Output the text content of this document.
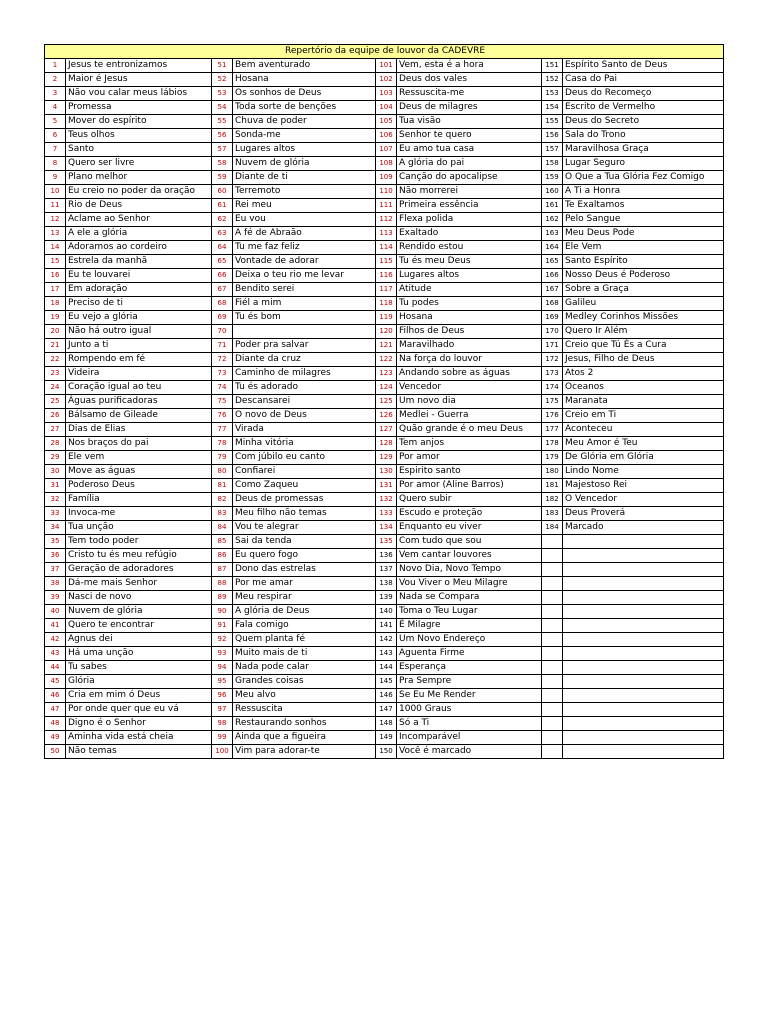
Repertório da equipe de louvor da CADEVRE							
1	Jesus te entronizamos	51	Bem aventurado	101	Vem, esta é a hora	151	Espírito Santo de Deus
2	Maior é Jesus	52	Hosana	102	Deus dos vales	152	Casa do Pai
3	Não vou calar meus lábios	53	Os sonhos de Deus	103	Ressuscita-me	153	Deus do Recomeço
4	Promessa	54	Toda sorte de benções	104	Deus de milagres	154	Escrito de Vermelho
5	Mover do espírito	55	Chuva de poder	105	Tua visão	155	Deus do Secreto
6	Teus olhos	56	Sonda-me	106	Senhor te quero	156	Sala do Trono
7	Santo	57	Lugares altos	107	Eu amo tua casa	157	Maravilhosa Graça
8	Quero ser livre	58	Nuvem de glória	108	A glória do pai	158	Lugar Seguro
9	Plano melhor	59	Diante de ti	109	Canção do apocalipse	159	O Que a Tua Glória Fez Comigo
10	Eu creio no poder da oração	60	Terremoto	110	Não morrerei	160	A Ti a Honra
11	Rio de Deus	61	Rei meu	111	Primeira essência	161	Te Exaltamos
12	Aclame ao Senhor	62	Eu vou	112	Flexa polida	162	Pelo Sangue
13	A ele a glória	63	A fé de Abraão	113	Exaltado	163	Meu Deus Pode
14	Adoramos ao cordeiro	64	Tu me faz feliz	114	Rendido estou	164	Ele Vem
15	Estrela da manhã	65	Vontade de adorar	115	Tu és meu Deus	165	Santo Espírito
16	Eu te louvarei	66	Deixa o teu rio me levar	116	Lugares altos	166	Nosso Deus é Poderoso
17	Em adoração	67	Bendito serei	117	Atitude	167	Sobre a Graça
18	Preciso de ti	68	Fiél a mim	118	Tu podes	168	Galileu
19	Eu vejo a glória	69	Tu és bom	119	Hosana	169	Medley Corinhos Missões
20	Não há outro igual	70		120	Filhos de Deus	170	Quero Ir Além
21	Junto a ti	71	Poder pra salvar	121	Maravilhado	171	Creio que Tú És a Cura
22	Rompendo em fé	72	Diante da cruz	122	Na força do louvor	172	Jesus, Filho de Deus
23	Videira	73	Caminho de milagres	123	Andando sobre as águas	173	Atos 2
24	Coração igual ao teu	74	Tu és adorado	124	Vencedor	174	Oceanos
25	Águas purificadoras	75	Descansarei	125	Um novo dia	175	Maranata
26	Bálsamo de Gileade	76	O novo de Deus	126	Medlei - Guerra	176	Creio em Ti
27	Dias de Elias	77	Virada	127	Quão grande é o meu Deus	177	Aconteceu
28	Nos braços do pai	78	Minha vitória	128	Tem anjos	178	Meu Amor é Teu
29	Ele vem	79	Com júbilo eu canto	129	Por amor	179	De Glória em Glória
30	Move as águas	80	Confiarei	130	Espirito santo	180	Lindo Nome
31	Poderoso Deus	81	Como Zaqueu	131	Por amor (Aline Barros)	181	Majestoso Rei
32	Família	82	Deus de promessas	132	Quero subir	182	O Vencedor
33	Invoca-me	83	Meu filho não temas	133	Escudo e proteção	183	Deus Proverá
34	Tua unção	84	Vou te alegrar	134	Enquanto eu viver	184	Marcado
35	Tem todo poder	85	Sai da tenda	135	Com tudo que sou		
36	Cristo tu és meu refúgio	86	Eu quero fogo	136	Vem cantar louvores		
37	Geração de adoradores	87	Dono das estrelas	137	Novo Dia, Novo Tempo		
38	Dá-me mais Senhor	88	Por me amar	138	Vou Viver o Meu Milagre		
39	Nasci de novo	89	Meu respirar	139	Nada se Compara		
40	Nuvem de glória	90	A glória de Deus	140	Toma o Teu Lugar		
41	Quero te encontrar	91	Fala comigo	141	É Milagre		
42	Agnus dei	92	Quem planta fé	142	Um Novo Endereço		
43	Há uma unção	93	Muito mais de ti	143	Aguenta Firme		
44	Tu sabes	94	Nada pode calar	144	Esperança		
45	Glória	95	Grandes coisas	145	Pra Sempre		
46	Cria em mim ó Deus	96	Meu alvo	146	Se Eu Me Render		
47	Por onde quer que eu vá	97	Ressuscita	147	1000 Graus		
48	Digno é o Senhor	98	Restaurando sonhos	148	Só a Ti		
49	Aminha vida está cheia	99	Ainda que a figueira	149	Incomparável		
50	Não temas	100	Vim para adorar-te	150	Você é marcado		
